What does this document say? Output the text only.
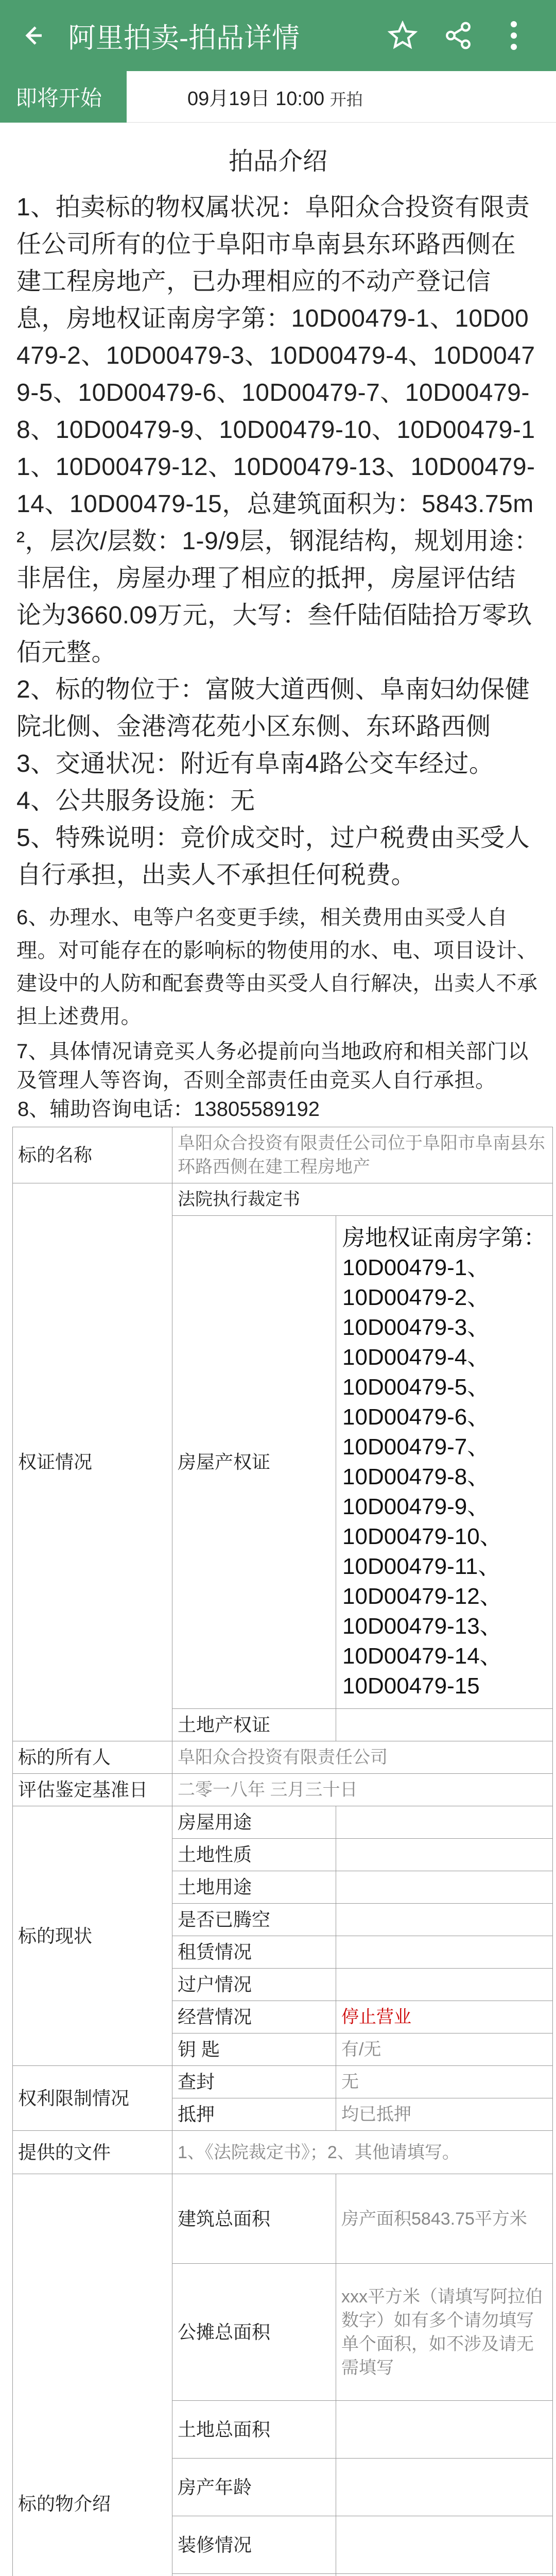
阿里拍卖-拍品详情
即将开始	09月19日 10:00 开拍
拍品介绍

1、拍卖标的物权属状况：阜阳众合投资有限责任公司所有的位于阜阳市阜南县东环路西侧在建工程房地产，已办理相应的不动产登记信息，房地权证南房字第：10D00479-1、10D00479-2、10D00479-3、10D00479-4、10D00479-5、10D00479-6、10D00479-7、10D00479-8、10D00479-9、10D00479-10、10D00479-11、10D00479-12、10D00479-13、10D00479-14、10D00479-15，总建筑面积为：5843.75m²，层次/层数：1-9/9层，钢混结构，规划用途：非居住，房屋办理了相应的抵押，房屋评估结论为3660.09万元，大写：叁仟陆佰陆拾万零玖佰元整。

2、标的物位于：富陂大道西侧、阜南妇幼保健院北侧、金港湾花苑小区东侧、东环路西侧

3、交通状况：附近有阜南4路公交车经过。

4、公共服务设施：无

5、特殊说明：竞价成交时，过户税费由买受人自行承担，出卖人不承担任何税费。

6、办理水、电等户名变更手续，相关费用由买受人自理。对可能存在的影响标的物使用的水、电、项目设计、建设中的人防和配套费等由买受人自行解决，出卖人不承担上述费用。

7、具体情况请竞买人务必提前向当地政府和相关部门以及管理人等咨询，否则全部责任由竞买人自行承担。

8、辅助咨询电话：13805589192

标的名称	阜阳众合投资有限责任公司位于阜阳市阜南县东环路西侧在建工程房地产	
权证情况	法院执行裁定书	
	房屋产权证	房地权证南房字第：10D00479-1、10D00479-2、 10D00479-3、10D00479-4、10D00479-5、10D00479-6、10D00479-7、10D00479-8、10D00479-9、10D00479-10、10D00479-11、10D00479-12、10D00479-13、10D00479-14、10D00479-15
	土地产权证	
标的所有人	阜阳众合投资有限责任公司	
评估鉴定基准日	二零一八年 三月三十日	
标的现状	房屋用途	
	土地性质	
	土地用途	
	是否已腾空	
	租赁情况	
	过户情况	
	经营情况	停止营业
	钥 匙	有/无
权利限制情况	查封	无
	抵押	均已抵押
提供的文件	1、《法院裁定书》；2、其他请填写。	
标的物介绍	建筑总面积	房产面积5843.75平方米
	公摊总面积	xxx平方米（请填写阿拉伯数字）如有多个请勿填写单个面积，如不涉及请无需填写
	土地总面积	
	房产年龄	
	装修情况	
